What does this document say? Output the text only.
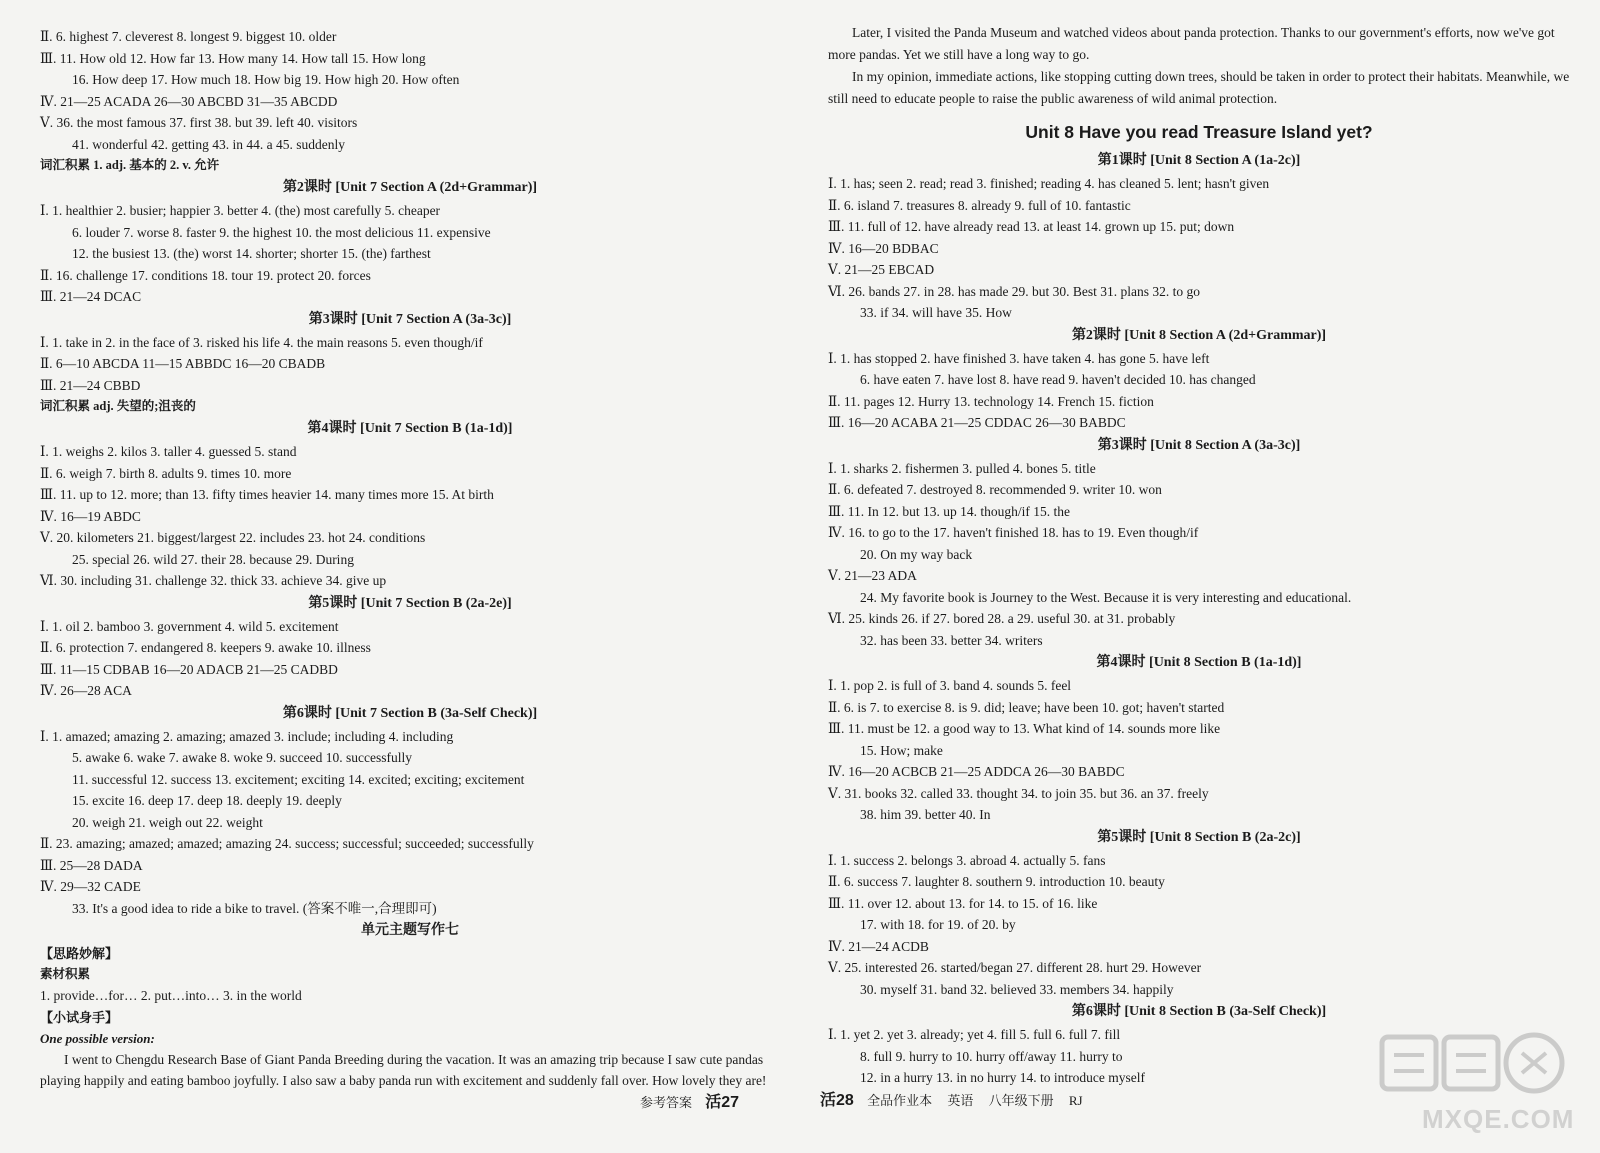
Ⅱ. 6. highest 7. cleverest 8. longest 9. biggest 10. older
Ⅲ. 11. How old 12. How far 13. How many 14. How tall 15. How long
16. How deep 17. How much 18. How big 19. How high 20. How often
Ⅳ. 21—25 ACADA 26—30 ABCBD 31—35 ABCDD
Ⅴ. 36. the most famous 37. first 38. but 39. left 40. visitors
41. wonderful 42. getting 43. in 44. a 45. suddenly
词汇积累 1. adj. 基本的 2. v. 允许
第2课时 [Unit 7 Section A (2d+Grammar)]
Ⅰ. 1. healthier 2. busier; happier 3. better 4. (the) most carefully 5. cheaper
6. louder 7. worse 8. faster 9. the highest 10. the most delicious 11. expensive
12. the busiest 13. (the) worst 14. shorter; shorter 15. (the) farthest
Ⅱ. 16. challenge 17. conditions 18. tour 19. protect 20. forces
Ⅲ. 21—24 DCAC
第3课时 [Unit 7 Section A (3a-3c)]
Ⅰ. 1. take in 2. in the face of 3. risked his life 4. the main reasons 5. even though/if
Ⅱ. 6—10 ABCDA 11—15 ABBDC 16—20 CBADB
Ⅲ. 21—24 CBBD
词汇积累 adj. 失望的;沮丧的
第4课时 [Unit 7 Section B (1a-1d)]
Ⅰ. 1. weighs 2. kilos 3. taller 4. guessed 5. stand
Ⅱ. 6. weigh 7. birth 8. adults 9. times 10. more
Ⅲ. 11. up to 12. more; than 13. fifty times heavier 14. many times more 15. At birth
Ⅳ. 16—19 ABDC
Ⅴ. 20. kilometers 21. biggest/largest 22. includes 23. hot 24. conditions
25. special 26. wild 27. their 28. because 29. During
Ⅵ. 30. including 31. challenge 32. thick 33. achieve 34. give up
第5课时 [Unit 7 Section B (2a-2e)]
Ⅰ. 1. oil 2. bamboo 3. government 4. wild 5. excitement
Ⅱ. 6. protection 7. endangered 8. keepers 9. awake 10. illness
Ⅲ. 11—15 CDBAB 16—20 ADACB 21—25 CADBD
Ⅳ. 26—28 ACA
第6课时 [Unit 7 Section B (3a-Self Check)]
Ⅰ. 1. amazed; amazing 2. amazing; amazed 3. include; including 4. including
5. awake 6. wake 7. awake 8. woke 9. succeed 10. successfully
11. successful 12. success 13. excitement; exciting 14. excited; exciting; excitement
15. excite 16. deep 17. deep 18. deeply 19. deeply
20. weigh 21. weigh out 22. weight
Ⅱ. 23. amazing; amazed; amazed; amazing 24. success; successful; succeeded; successfully
Ⅲ. 25—28 DADA
Ⅳ. 29—32 CADE
33. It's a good idea to ride a bike to travel. (答案不唯一,合理即可)
单元主题写作七
【思路妙解】
素材积累
1. provide…for… 2. put…into… 3. in the world
【小试身手】
One possible version:

I went to Chengdu Research Base of Giant Panda Breeding during the vacation. It was an amazing trip because I saw cute pandas playing happily and eating bamboo joyfully. I also saw a baby panda run with excitement and suddenly fall over. How lovely they are!

参考答案 活27

Later, I visited the Panda Museum and watched videos about panda protection. Thanks to our government's efforts, now we've got more pandas. Yet we still have a long way to go.

In my opinion, immediate actions, like stopping cutting down trees, should be taken in order to protect their habitats. Meanwhile, we still need to educate people to raise the public awareness of wild animal protection.

Unit 8 Have you read Treasure Island yet?
第1课时 [Unit 8 Section A (1a-2c)]
Ⅰ. 1. has; seen 2. read; read 3. finished; reading 4. has cleaned 5. lent; hasn't given
Ⅱ. 6. island 7. treasures 8. already 9. full of 10. fantastic
Ⅲ. 11. full of 12. have already read 13. at least 14. grown up 15. put; down
Ⅳ. 16—20 BDBAC
Ⅴ. 21—25 EBCAD
Ⅵ. 26. bands 27. in 28. has made 29. but 30. Best 31. plans 32. to go
33. if 34. will have 35. How
第2课时 [Unit 8 Section A (2d+Grammar)]
Ⅰ. 1. has stopped 2. have finished 3. have taken 4. has gone 5. have left
6. have eaten 7. have lost 8. have read 9. haven't decided 10. has changed
Ⅱ. 11. pages 12. Hurry 13. technology 14. French 15. fiction
Ⅲ. 16—20 ACABA 21—25 CDDAC 26—30 BABDC
第3课时 [Unit 8 Section A (3a-3c)]
Ⅰ. 1. sharks 2. fishermen 3. pulled 4. bones 5. title
Ⅱ. 6. defeated 7. destroyed 8. recommended 9. writer 10. won
Ⅲ. 11. In 12. but 13. up 14. though/if 15. the
Ⅳ. 16. to go to the 17. haven't finished 18. has to 19. Even though/if
20. On my way back
Ⅴ. 21—23 ADA
24. My favorite book is Journey to the West. Because it is very interesting and educational.
Ⅵ. 25. kinds 26. if 27. bored 28. a 29. useful 30. at 31. probably
32. has been 33. better 34. writers
第4课时 [Unit 8 Section B (1a-1d)]
Ⅰ. 1. pop 2. is full of 3. band 4. sounds 5. feel
Ⅱ. 6. is 7. to exercise 8. is 9. did; leave; have been 10. got; haven't started
Ⅲ. 11. must be 12. a good way to 13. What kind of 14. sounds more like
15. How; make
Ⅳ. 16—20 ACBCB 21—25 ADDCA 26—30 BABDC
Ⅴ. 31. books 32. called 33. thought 34. to join 35. but 36. an 37. freely
38. him 39. better 40. In
第5课时 [Unit 8 Section B (2a-2c)]
Ⅰ. 1. success 2. belongs 3. abroad 4. actually 5. fans
Ⅱ. 6. success 7. laughter 8. southern 9. introduction 10. beauty
Ⅲ. 11. over 12. about 13. for 14. to 15. of 16. like
17. with 18. for 19. of 20. by
Ⅳ. 21—24 ACDB
Ⅴ. 25. interested 26. started/began 27. different 28. hurt 29. However
30. myself 31. band 32. believed 33. members 34. happily
第6课时 [Unit 8 Section B (3a-Self Check)]
Ⅰ. 1. yet 2. yet 3. already; yet 4. fill 5. full 6. full 7. fill
8. full 9. hurry to 10. hurry off/away 11. hurry to
12. in a hurry 13. in no hurry 14. to introduce myself
活28 全品作业本 英语 八年级下册 RJ
MXQE.COM
